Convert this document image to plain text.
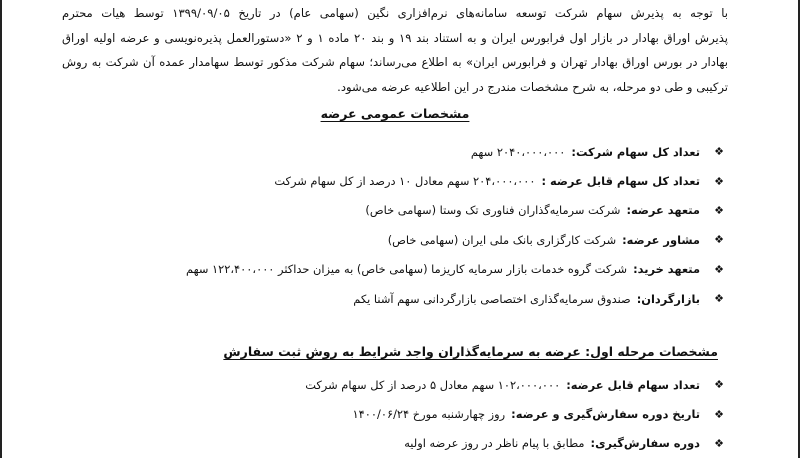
با توجه به پذیرش سهام شرکت توسعه سامانه‌های نرم‌افزاری نگین (سهامی عام) در تاریخ ۱۳۹۹/۰۹/۰۵ توسط هیات محترم
پذیرش اوراق بهادار در بازار اول فرابورس ایران و به استناد بند ۱۹ و بند ۲۰ ماده ۱ و ۲ «دستورالعمل پذیره‌نویسی و عرضه اولیه اوراق
بهادار در بورس اوراق بهادار تهران و فرابورس ایران» به اطلاع می‌رساند؛ سهام شرکت مذکور توسط سهامدار عمده آن شرکت به روش
ترکیبی و طی دو مرحله، به شرح مشخصات مندرج در این اطلاعیه عرضه می‌شود.
مشخصات عمومی عرضه
❖
تعداد کل سهام شرکت:
۲۰۴۰،۰۰۰،۰۰۰ سهم
❖
تعداد کل سهام قابل عرضه :
۲۰۴،۰۰۰،۰۰۰ سهم معادل ۱۰ درصد از کل سهام شرکت
❖
متعهد عرضه:
شرکت سرمایه‌گذاران فناوری تک وستا (سهامی خاص)
❖
مشاور عرضه:
شرکت کارگزاری بانک ملی ایران (سهامی خاص)
❖
متعهد خرید:
شرکت گروه خدمات بازار سرمایه کاریزما (سهامی خاص) به میزان حداکثر ۱۲۲،۴۰۰،۰۰۰ سهم
❖
بازارگردان:
صندوق سرمایه‌گذاری اختصاصی بازارگردانی سهم آشنا یکم
مشخصات مرحله اول: عرضه به سرمایه‌گذاران واجد شرایط به روش ثبت سفارش
❖
تعداد سهام قابل عرضه:
۱۰۲،۰۰۰،۰۰۰ سهم معادل ۵ درصد از کل سهام شرکت
❖
تاریخ دوره سفارش‌گیری و عرضه:
روز چهارشنبه مورخ ۱۴۰۰/۰۶/۲۴
❖
دوره سفارش‌گیری:
مطابق با پیام ناظر در روز عرضه اولیه
